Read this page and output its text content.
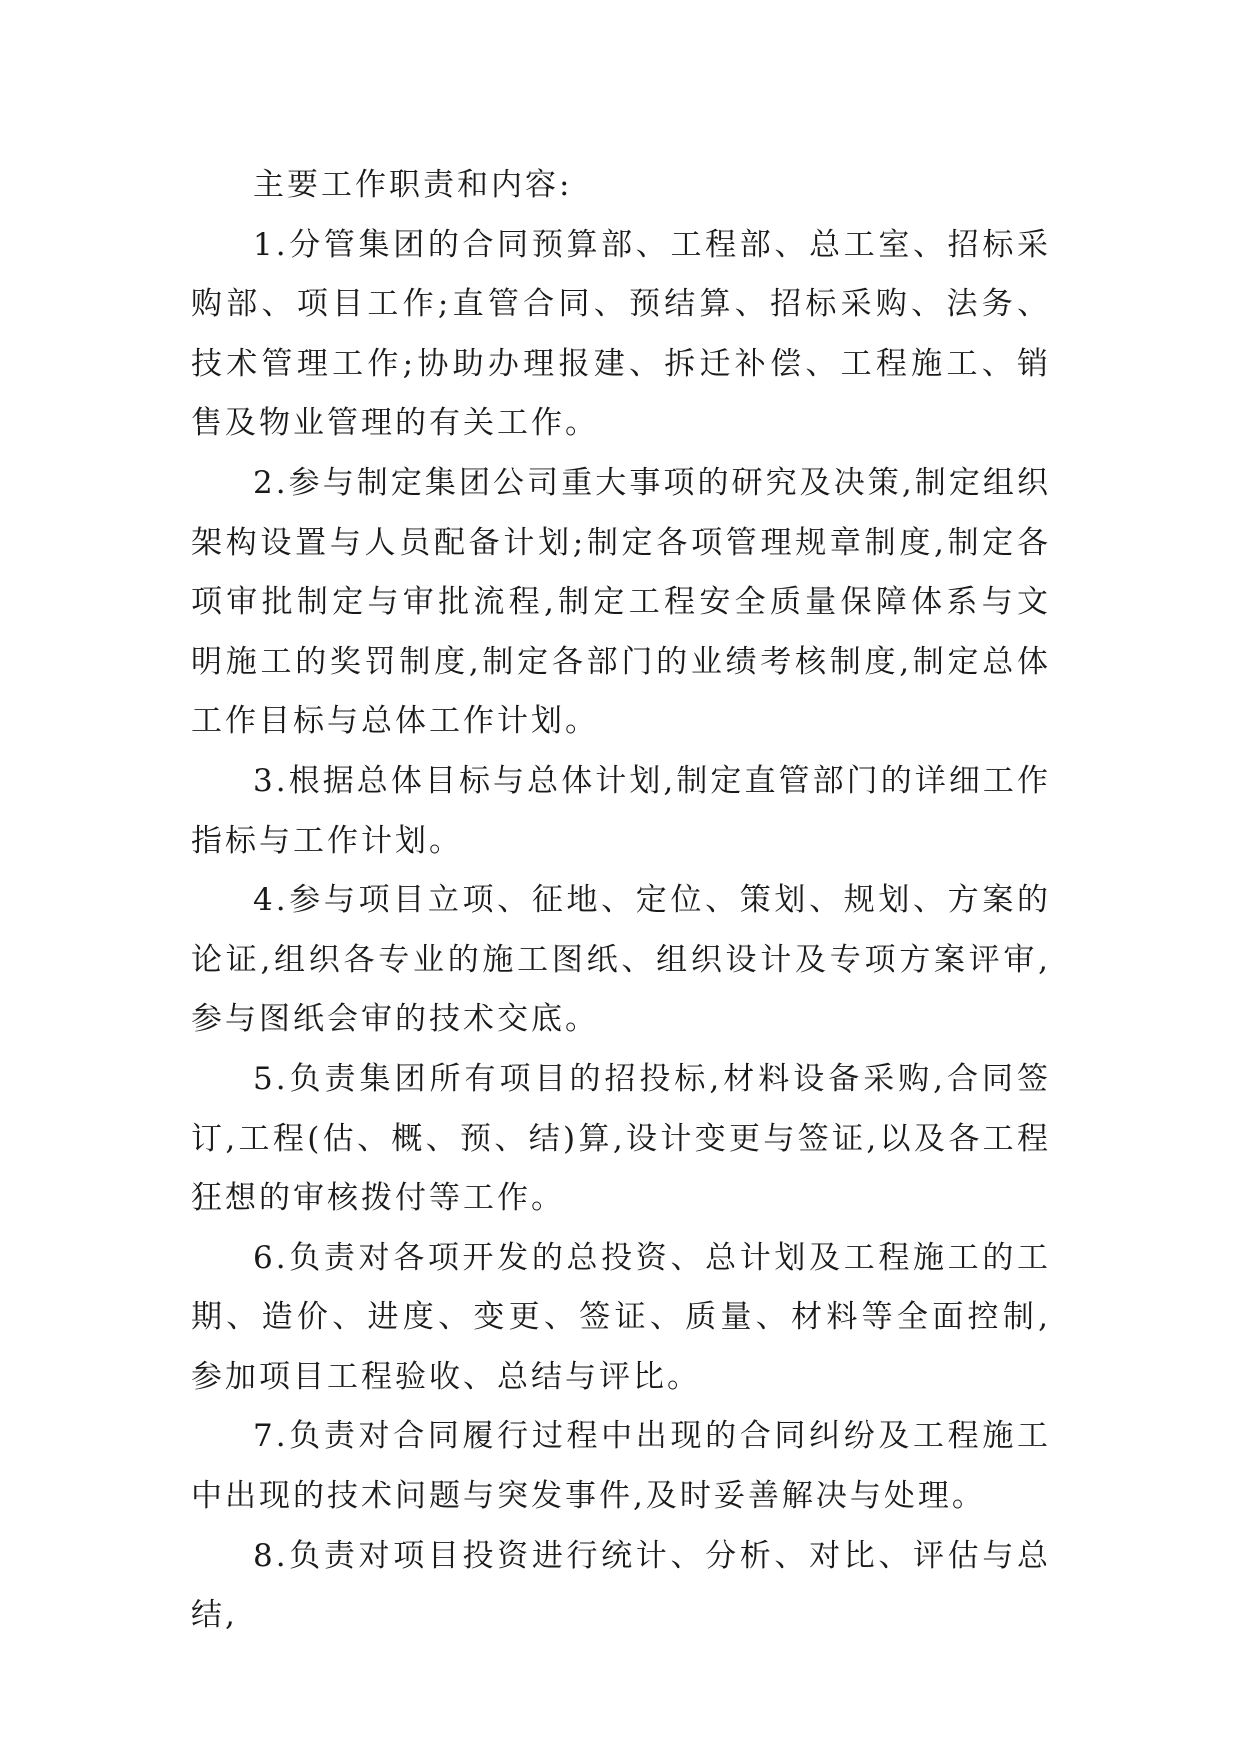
主要工作职责和内容:

1.分管集团的合同预算部、工程部、总工室、招标采购部、项目工作;直管合同、预结算、招标采购、法务、技术管理工作;协助办理报建、拆迁补偿、工程施工、销售及物业管理的有关工作。

2.参与制定集团公司重大事项的研究及决策,制定组织架构设置与人员配备计划;制定各项管理规章制度,制定各项审批制定与审批流程,制定工程安全质量保障体系与文明施工的奖罚制度,制定各部门的业绩考核制度,制定总体工作目标与总体工作计划。

3.根据总体目标与总体计划,制定直管部门的详细工作指标与工作计划。

4.参与项目立项、征地、定位、策划、规划、方案的论证,组织各专业的施工图纸、组织设计及专项方案评审,参与图纸会审的技术交底。

5.负责集团所有项目的招投标,材料设备采购,合同签订,工程(估、概、预、结)算,设计变更与签证,以及各工程狂想的审核拨付等工作。

6.负责对各项开发的总投资、总计划及工程施工的工期、造价、进度、变更、签证、质量、材料等全面控制,参加项目工程验收、总结与评比。

7.负责对合同履行过程中出现的合同纠纷及工程施工中出现的技术问题与突发事件,及时妥善解决与处理。

8.负责对项目投资进行统计、分析、对比、评估与总结,
